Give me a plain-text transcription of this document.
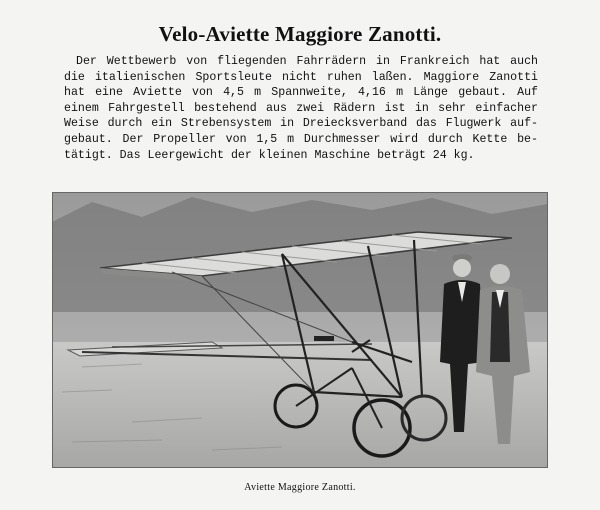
Velo-Aviette Maggiore Zanotti.
Der Wettbewerb von fliegenden Fahrrädern in Frankreich hat auch die italienischen Sportsleute nicht ruhen laßen. Maggiore Zanotti hat eine Aviette von 4,5 m Spannweite, 4,16 m Länge gebaut. Auf einem Fahrgestell bestehend aus zwei Rädern ist in sehr einfacher Weise durch ein Strebensystem in Dreiecksverband das Flugwerk aufgebaut. Der Propeller von 1,5 m Durchmesser wird durch Kette betätigt. Das Leergewicht der kleinen Maschine beträgt 24 kg.
Aviette Maggiore Zanotti.
